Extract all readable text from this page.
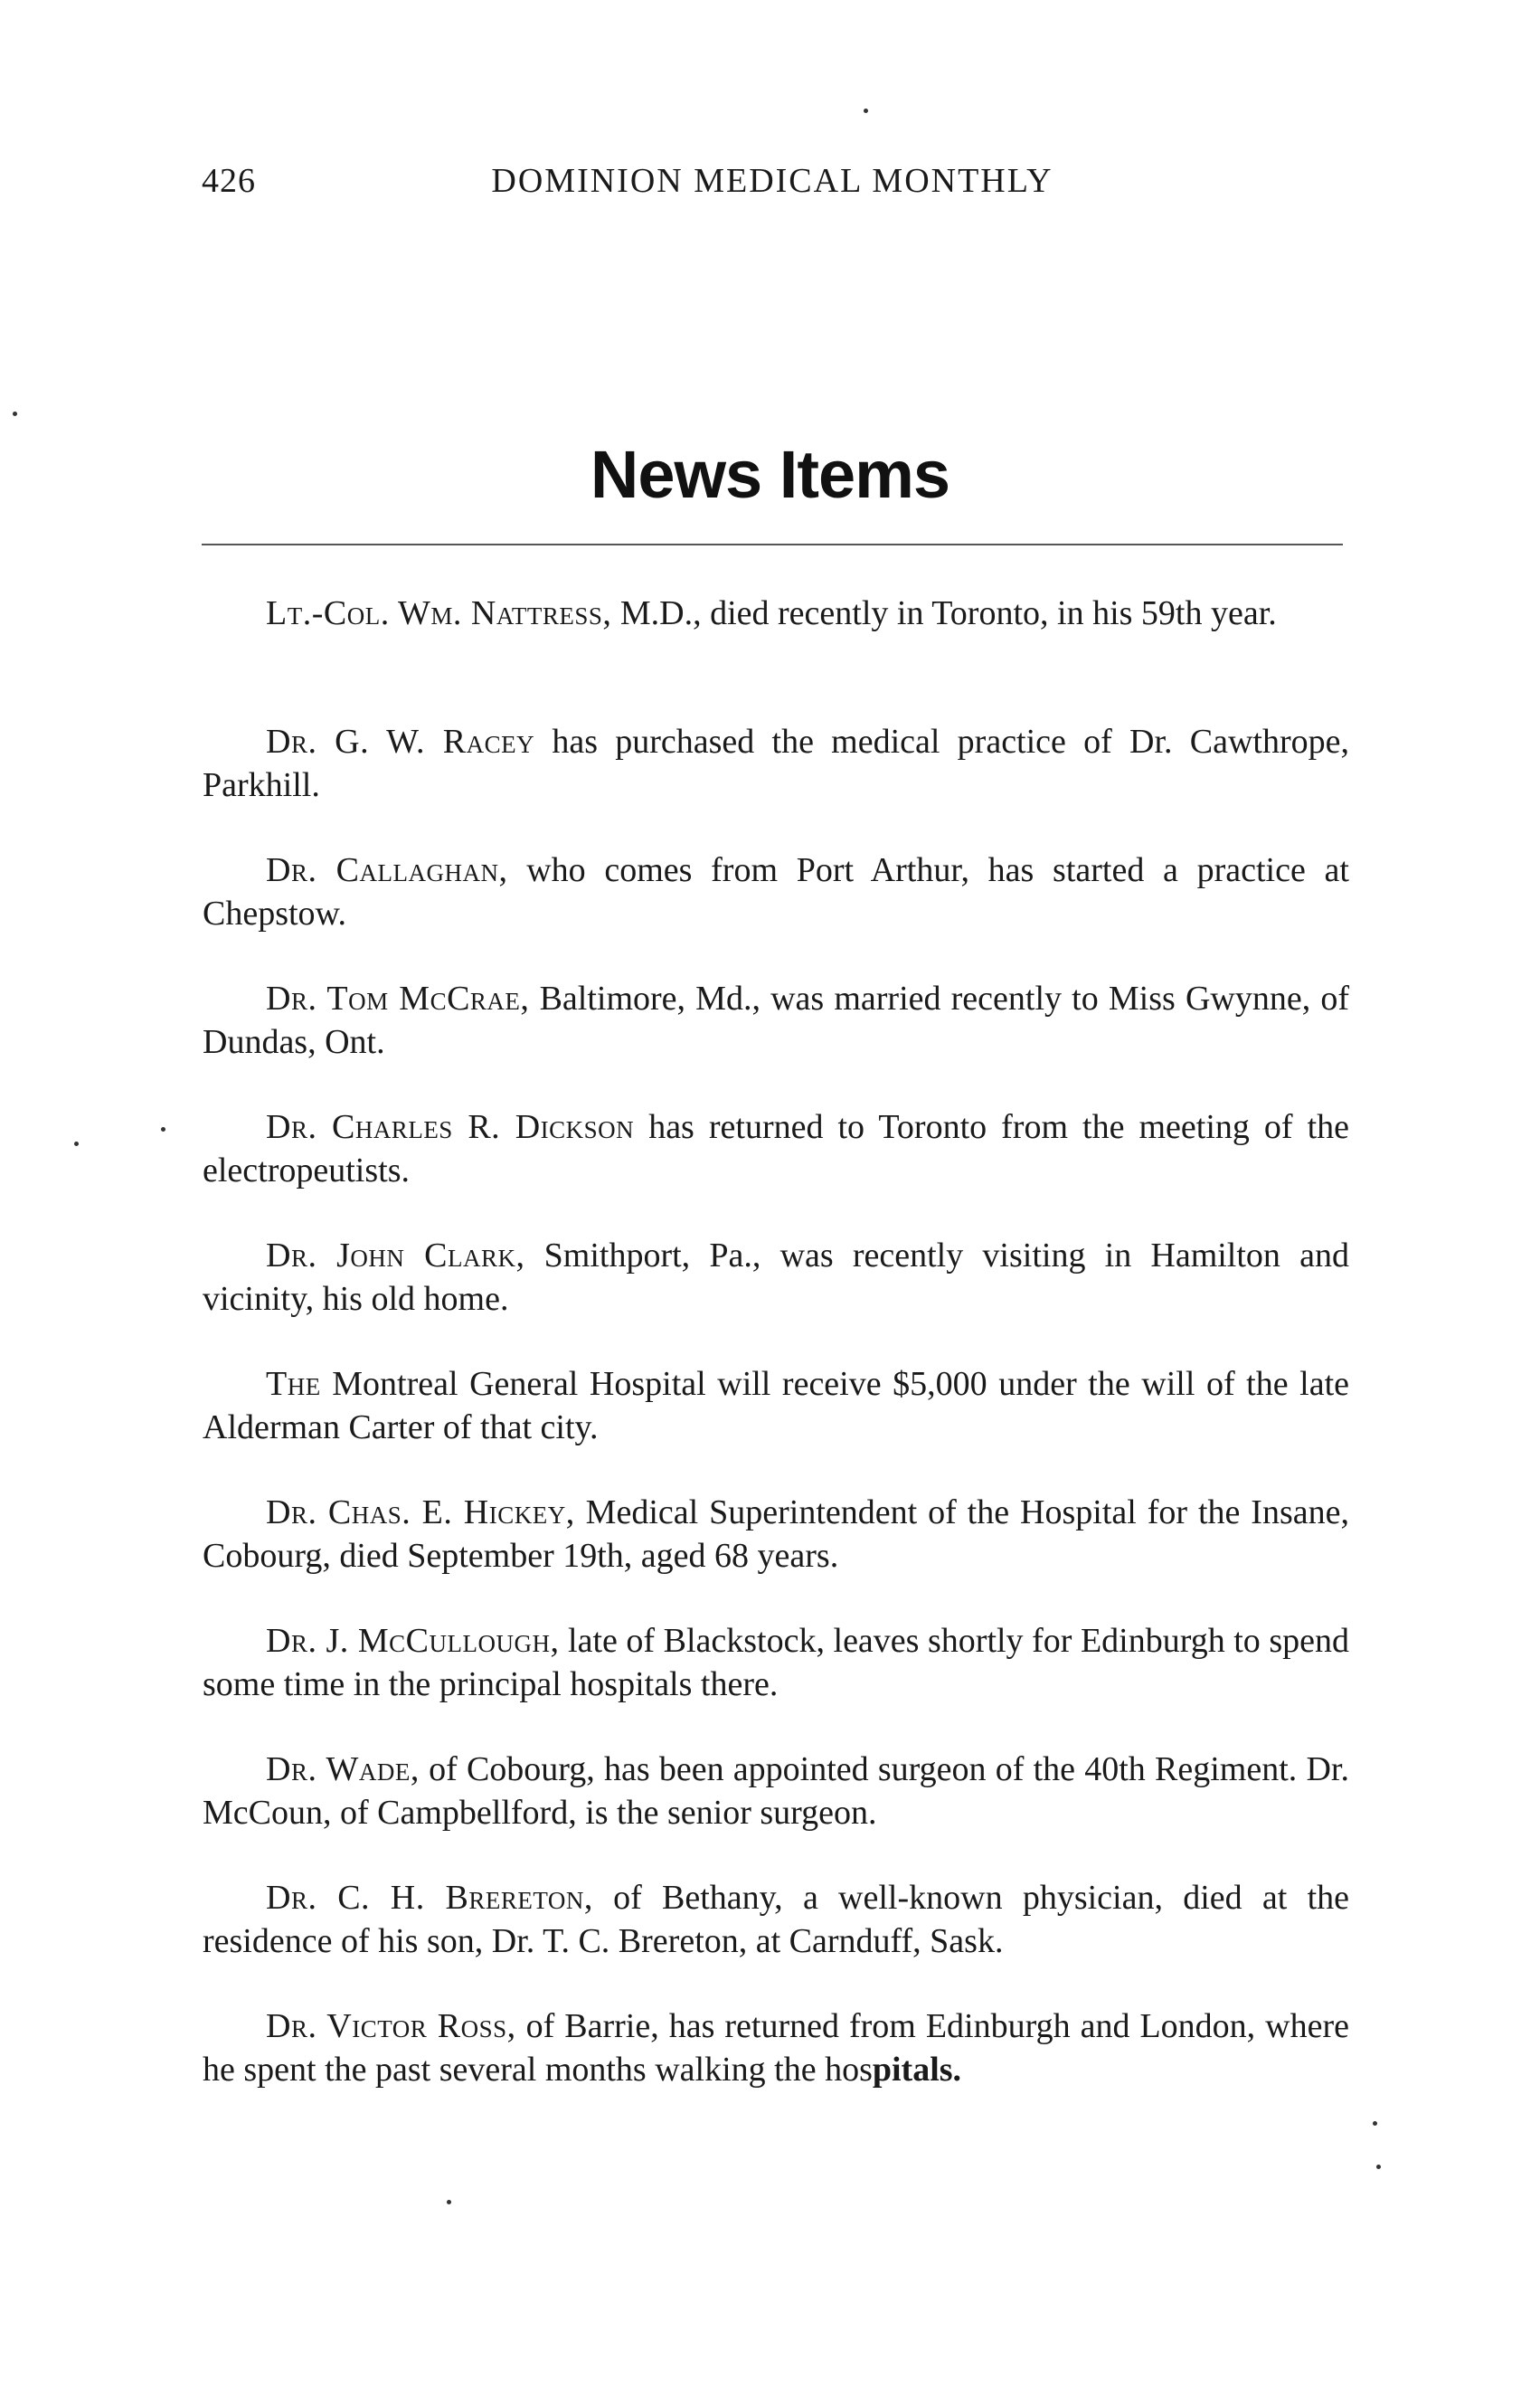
426	DOMINION MEDICAL MONTHLY
News Items

Lt.-Col. Wm. Nattress, M.D., died recently in Toronto, in his 59th year.

Dr. G. W. Racey has purchased the medical practice of Dr. Cawthrope, Parkhill.

Dr. Callaghan, who comes from Port Arthur, has started a practice at Chepstow.

Dr. Tom McCrae, Baltimore, Md., was married recently to Miss Gwynne, of Dundas, Ont.

Dr. Charles R. Dickson has returned to Toronto from the meeting of the electropeutists.

Dr. John Clark, Smithport, Pa., was recently visiting in Hamilton and vicinity, his old home.

The Montreal General Hospital will receive $5,000 under the will of the late Alderman Carter of that city.

Dr. Chas. E. Hickey, Medical Superintendent of the Hospital for the Insane, Cobourg, died September 19th, aged 68 years.

Dr. J. McCullough, late of Blackstock, leaves shortly for Edinburgh to spend some time in the principal hospitals there.

Dr. Wade, of Cobourg, has been appointed surgeon of the 40th Regiment. Dr. McCoun, of Campbellford, is the senior surgeon.

Dr. C. H. Brereton, of Bethany, a well-known physician, died at the residence of his son, Dr. T. C. Brereton, at Carnduff, Sask.

Dr. Victor Ross, of Barrie, has returned from Edinburgh and London, where he spent the past several months walking the hospitals.
